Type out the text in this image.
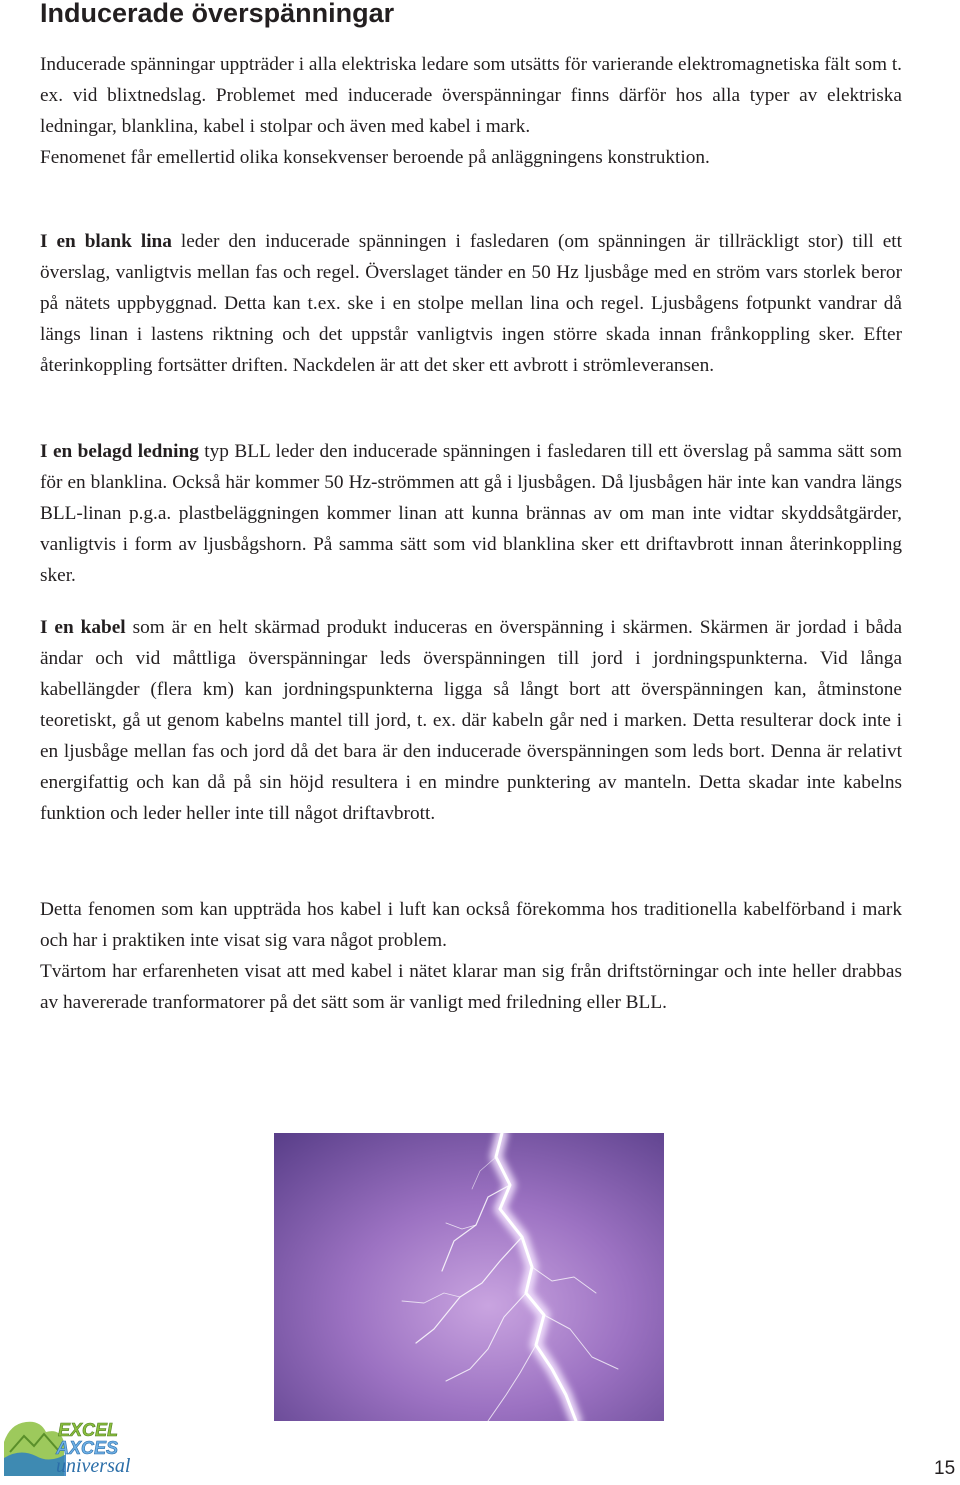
Inducerade överspänningar
Inducerade spänningar uppträder i alla elektriska ledare som utsätts för varierande elektromagnetiska fält som t. ex. vid blixtnedslag. Problemet med inducerade överspänningar finns därför hos alla typer av elektriska ledningar, blanklina, kabel i stolpar och även med kabel i mark.
Fenomenet får emellertid olika konsekvenser beroende på anläggningens konstruktion.

I en blank lina leder den inducerade spänningen i fasledaren (om spänningen är tillräckligt stor) till ett överslag, vanligtvis mellan fas och regel. Överslaget tänder en 50 Hz ljusbåge med en ström vars storlek beror på nätets uppbyggnad. Detta kan t.ex. ske i en stolpe mellan lina och regel. Ljusbågens fotpunkt vandrar då längs linan i lastens riktning och det uppstår vanligtvis ingen större skada innan frånkoppling sker. Efter återinkoppling fortsätter driften. Nackdelen är att det sker ett avbrott i strömleveransen.

I en belagd ledning typ BLL leder den inducerade spänningen i fasledaren till ett överslag på samma sätt som för en blanklina. Också här kommer 50 Hz-strömmen att gå i ljusbågen. Då ljusbågen här inte kan vandra längs BLL-linan p.g.a. plastbeläggningen kommer linan att kunna brännas av om man inte vidtar skyddsåtgärder, vanligtvis i form av ljusbågshorn. På samma sätt som vid blanklina sker ett driftavbrott innan återinkoppling sker.

I en kabel som är en helt skärmad produkt induceras en överspänning i skärmen. Skärmen är jordad i båda ändar och vid måttliga överspänningar leds överspänningen till jord i jordningspunkterna. Vid långa kabellängder (flera km) kan jordningspunkterna ligga så långt bort att överspänningen kan, åtminstone teoretiskt, gå ut genom kabelns mantel till jord, t. ex. där kabeln går ned i marken. Detta resulterar dock inte i en ljusbåge mellan fas och jord då det bara är den inducerade överspänningen som leds bort. Denna är relativt energifattig och kan då på sin höjd resultera i en mindre punktering av manteln. Detta skadar inte kabelns funktion och leder heller inte till något driftavbrott.

Detta fenomen som kan uppträda hos kabel i luft kan också förekomma hos traditionella kabelförband i mark och har i praktiken inte visat sig vara något problem.

Tvärtom har erfarenheten visat att med kabel i nätet klarar man sig från driftstörningar och inte heller drabbas av havererade tranformatorer på det sätt som är vanligt med friledning eller BLL.

EXCEL
AXCES
universal	15
